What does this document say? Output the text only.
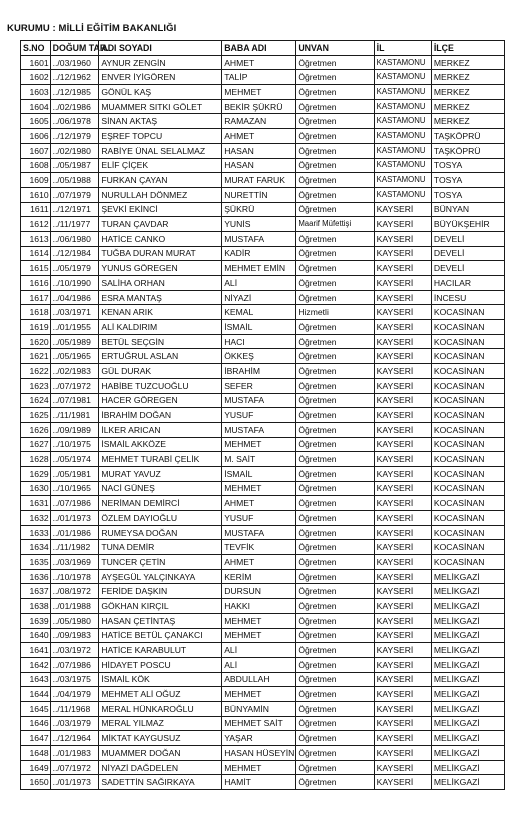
KURUMU : MİLLİ EĞİTİM BAKANLIĞI
S.NO	DOĞUM TAR.	ADI SOYADI	BABA ADI	UNVAN	İL	İLÇE
1601	../03/1960	AYNUR ZENGİN	AHMET	Öğretmen	KASTAMONU	MERKEZ
1602	../12/1962	ENVER İYİGÖREN	TALİP	Öğretmen	KASTAMONU	MERKEZ
1603	../12/1985	GÖNÜL KAŞ	MEHMET	Öğretmen	KASTAMONU	MERKEZ
1604	../02/1986	MUAMMER SITKI GÖLET	BEKİR ŞÜKRÜ	Öğretmen	KASTAMONU	MERKEZ
1605	../06/1978	SİNAN AKTAŞ	RAMAZAN	Öğretmen	KASTAMONU	MERKEZ
1606	../12/1979	EŞREF TOPCU	AHMET	Öğretmen	KASTAMONU	TAŞKÖPRÜ
1607	../02/1980	RABİYE ÜNAL SELALMAZ	HASAN	Öğretmen	KASTAMONU	TAŞKÖPRÜ
1608	../05/1987	ELİF ÇİÇEK	HASAN	Öğretmen	KASTAMONU	TOSYA
1609	../05/1988	FURKAN ÇAYAN	MURAT FARUK	Öğretmen	KASTAMONU	TOSYA
1610	../07/1979	NURULLAH DÖNMEZ	NURETTİN	Öğretmen	KASTAMONU	TOSYA
1611	../12/1971	ŞEVKİ EKİNCİ	ŞÜKRÜ	Öğretmen	KAYSERİ	BÜNYAN
1612	../11/1977	TURAN ÇAVDAR	YUNİS	Maarif Müfettişi	KAYSERİ	BÜYÜKŞEHİR
1613	../06/1980	HATİCE CANKO	MUSTAFA	Öğretmen	KAYSERİ	DEVELİ
1614	../12/1984	TUĞBA DURAN MURAT	KADİR	Öğretmen	KAYSERİ	DEVELİ
1615	../05/1979	YUNUS GÖREGEN	MEHMET EMİN	Öğretmen	KAYSERİ	DEVELİ
1616	../10/1990	SALİHA ORHAN	ALİ	Öğretmen	KAYSERİ	HACILAR
1617	../04/1986	ESRA MANTAŞ	NİYAZİ	Öğretmen	KAYSERİ	İNCESU
1618	../03/1971	KENAN ARIK	KEMAL	Hizmetli	KAYSERİ	KOCASİNAN
1619	../01/1955	ALİ KALDIRIM	İSMAİL	Öğretmen	KAYSERİ	KOCASİNAN
1620	../05/1989	BETÜL SEÇGİN	HACI	Öğretmen	KAYSERİ	KOCASİNAN
1621	../05/1965	ERTUĞRUL ASLAN	ÖKKEŞ	Öğretmen	KAYSERİ	KOCASİNAN
1622	../02/1983	GÜL DURAK	İBRAHİM	Öğretmen	KAYSERİ	KOCASİNAN
1623	../07/1972	HABİBE TUZCUOĞLU	SEFER	Öğretmen	KAYSERİ	KOCASİNAN
1624	../07/1981	HACER GÖREGEN	MUSTAFA	Öğretmen	KAYSERİ	KOCASİNAN
1625	../11/1981	İBRAHİM DOĞAN	YUSUF	Öğretmen	KAYSERİ	KOCASİNAN
1626	../09/1989	İLKER ARICAN	MUSTAFA	Öğretmen	KAYSERİ	KOCASİNAN
1627	../10/1975	İSMAİL AKKÖZE	MEHMET	Öğretmen	KAYSERİ	KOCASİNAN
1628	../05/1974	MEHMET TURABİ ÇELİK	M. SAİT	Öğretmen	KAYSERİ	KOCASİNAN
1629	../05/1981	MURAT YAVUZ	İSMAİL	Öğretmen	KAYSERİ	KOCASİNAN
1630	../10/1965	NACİ GÜNEŞ	MEHMET	Öğretmen	KAYSERİ	KOCASİNAN
1631	../07/1986	NERİMAN DEMİRCİ	AHMET	Öğretmen	KAYSERİ	KOCASİNAN
1632	../01/1973	ÖZLEM DAYIOĞLU	YUSUF	Öğretmen	KAYSERİ	KOCASİNAN
1633	../01/1986	RUMEYSA DOĞAN	MUSTAFA	Öğretmen	KAYSERİ	KOCASİNAN
1634	../11/1982	TUNA DEMİR	TEVFİK	Öğretmen	KAYSERİ	KOCASİNAN
1635	../03/1969	TUNCER ÇETİN	AHMET	Öğretmen	KAYSERİ	KOCASİNAN
1636	../10/1978	AYŞEGÜL YALÇINKAYA	KERİM	Öğretmen	KAYSERİ	MELİKGAZİ
1637	../08/1972	FERİDE DAŞKIN	DURSUN	Öğretmen	KAYSERİ	MELİKGAZİ
1638	../01/1988	GÖKHAN KIRÇIL	HAKKI	Öğretmen	KAYSERİ	MELİKGAZİ
1639	../05/1980	HASAN ÇETİNTAŞ	MEHMET	Öğretmen	KAYSERİ	MELİKGAZİ
1640	../09/1983	HATİCE BETÜL ÇANAKCI	MEHMET	Öğretmen	KAYSERİ	MELİKGAZİ
1641	../03/1972	HATİCE KARABULUT	ALİ	Öğretmen	KAYSERİ	MELİKGAZİ
1642	../07/1986	HİDAYET POSCU	ALİ	Öğretmen	KAYSERİ	MELİKGAZİ
1643	../03/1975	İSMAİL KÖK	ABDULLAH	Öğretmen	KAYSERİ	MELİKGAZİ
1644	../04/1979	MEHMET ALİ OĞUZ	MEHMET	Öğretmen	KAYSERİ	MELİKGAZİ
1645	../11/1968	MERAL HÜNKAROĞLU	BÜNYAMİN	Öğretmen	KAYSERİ	MELİKGAZİ
1646	../03/1979	MERAL YILMAZ	MEHMET SAİT	Öğretmen	KAYSERİ	MELİKGAZİ
1647	../12/1964	MİKTAT KAYGUSUZ	YAŞAR	Öğretmen	KAYSERİ	MELİKGAZİ
1648	../01/1983	MUAMMER DOĞAN	HASAN HÜSEYİN	Öğretmen	KAYSERİ	MELİKGAZİ
1649	../07/1972	NİYAZİ DAĞDELEN	MEHMET	Öğretmen	KAYSERİ	MELİKGAZİ
1650	../01/1973	SADETTİN SAĞIRKAYA	HAMİT	Öğretmen	KAYSERİ	MELİKGAZİ
